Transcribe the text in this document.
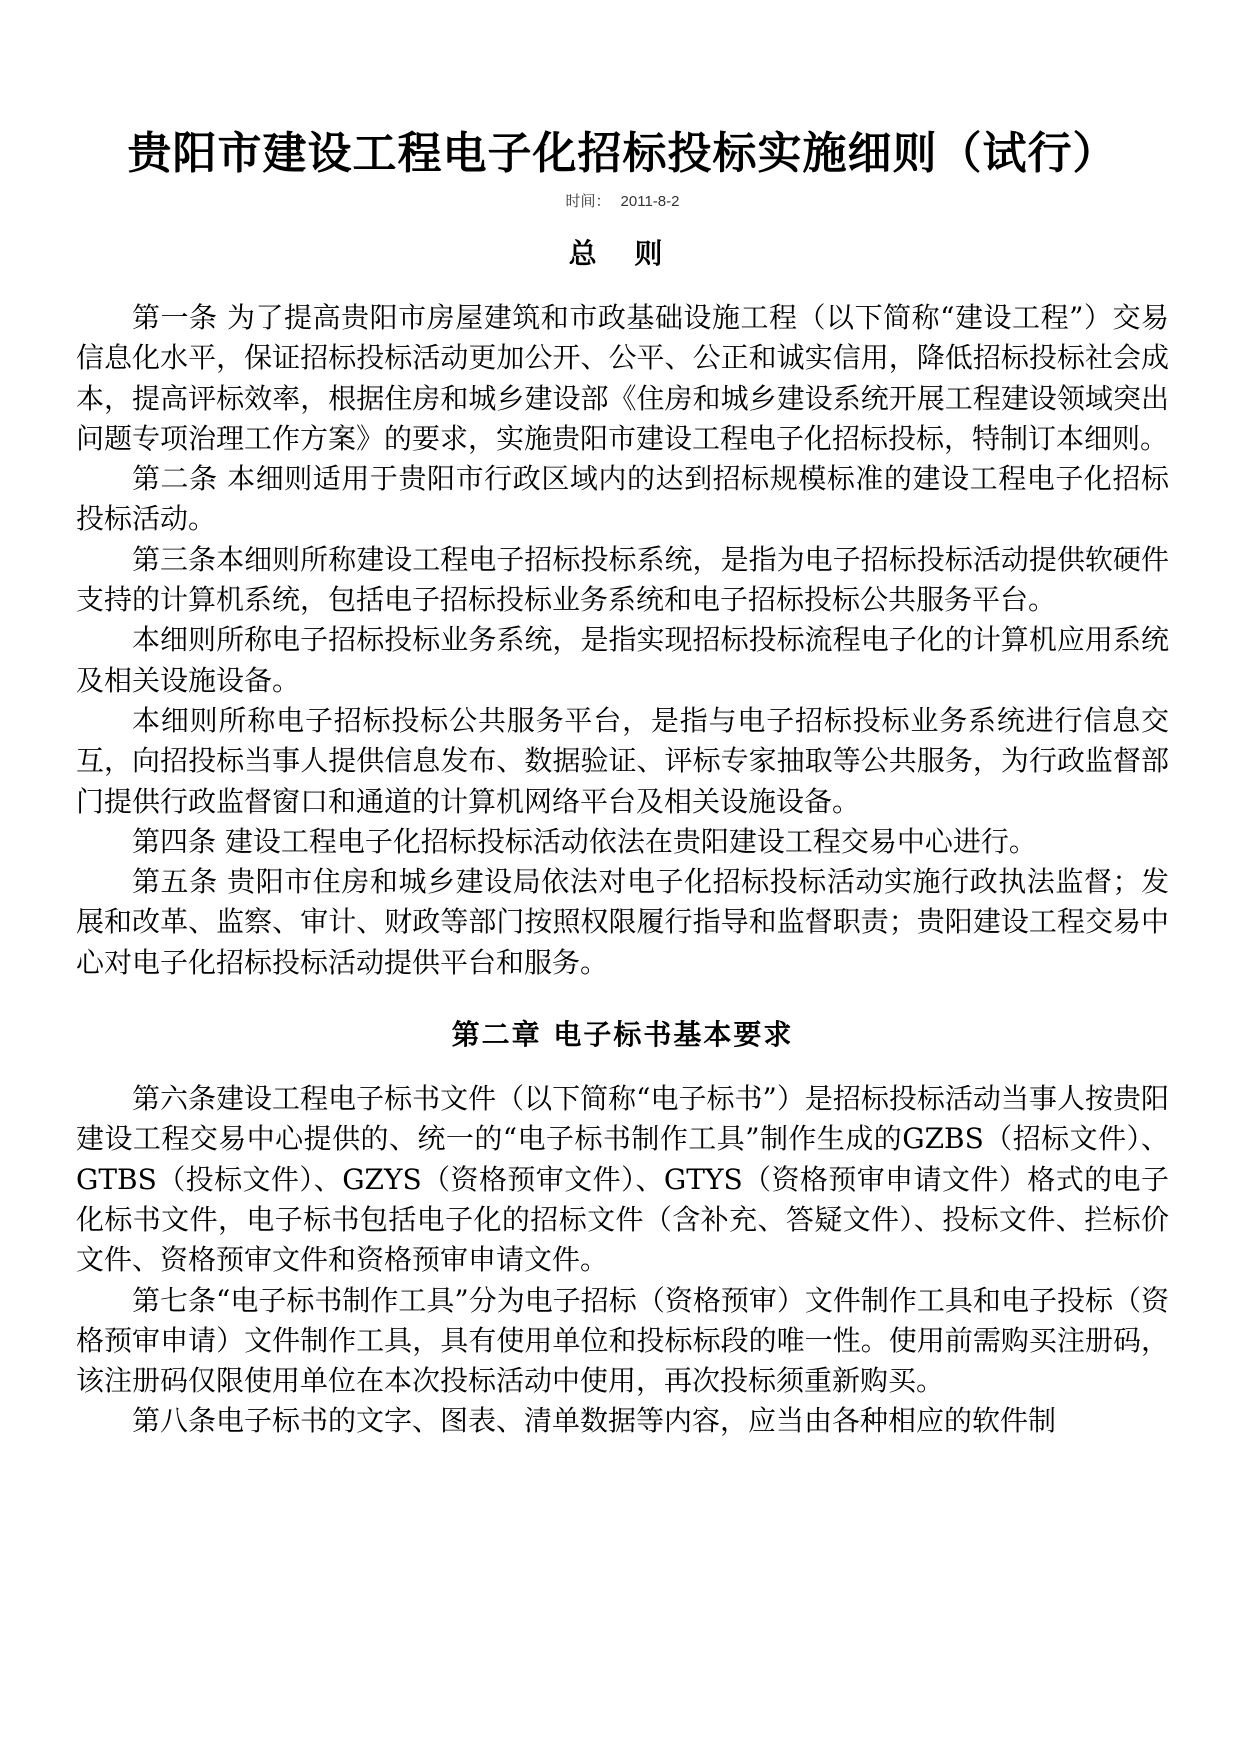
贵阳市建设工程电子化招标投标实施细则（试行）
时间： 2011-8-2
总 则

第一条 为了提高贵阳市房屋建筑和市政基础设施工程（以下简称“建设工程”）交易信息化水平，保证招标投标活动更加公开、公平、公正和诚实信用，降低招标投标社会成本，提高评标效率，根据住房和城乡建设部《住房和城乡建设系统开展工程建设领域突出问题专项治理工作方案》的要求，实施贵阳市建设工程电子化招标投标，特制订本细则。

第二条 本细则适用于贵阳市行政区域内的达到招标规模标准的建设工程电子化招标投标活动。

第三条本细则所称建设工程电子招标投标系统，是指为电子招标投标活动提供软硬件支持的计算机系统，包括电子招标投标业务系统和电子招标投标公共服务平台。

本细则所称电子招标投标业务系统，是指实现招标投标流程电子化的计算机应用系统及相关设施设备。

本细则所称电子招标投标公共服务平台，是指与电子招标投标业务系统进行信息交互，向招投标当事人提供信息发布、数据验证、评标专家抽取等公共服务，为行政监督部门提供行政监督窗口和通道的计算机网络平台及相关设施设备。

第四条 建设工程电子化招标投标活动依法在贵阳建设工程交易中心进行。

第五条 贵阳市住房和城乡建设局依法对电子化招标投标活动实施行政执法监督；发展和改革、监察、审计、财政等部门按照权限履行指导和监督职责；贵阳建设工程交易中心对电子化招标投标活动提供平台和服务。

第二章 电子标书基本要求

第六条建设工程电子标书文件（以下简称“电子标书”）是招标投标活动当事人按贵阳建设工程交易中心提供的、统一的“电子标书制作工具”制作生成的GZBS（招标文件）、GTBS（投标文件）、GZYS（资格预审文件）、GTYS（资格预审申请文件）格式的电子化标书文件，电子标书包括电子化的招标文件（含补充、答疑文件）、投标文件、拦标价文件、资格预审文件和资格预审申请文件。

第七条“电子标书制作工具”分为电子招标（资格预审）文件制作工具和电子投标（资格预审申请）文件制作工具，具有使用单位和投标标段的唯一性。使用前需购买注册码，该注册码仅限使用单位在本次投标活动中使用，再次投标须重新购买。

第八条电子标书的文字、图表、清单数据等内容，应当由各种相应的软件制
